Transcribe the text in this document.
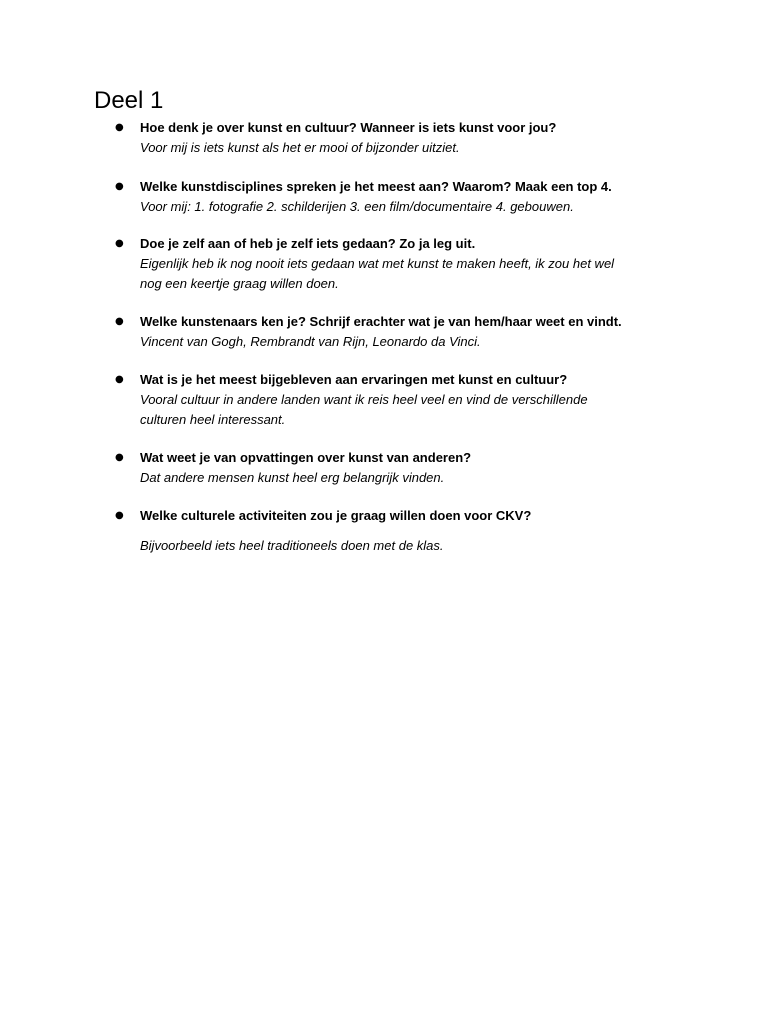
Deel 1
● Hoe denk je over kunst en cultuur? Wanneer is iets kunst voor jou?
Voor mij is iets kunst als het er mooi of bijzonder uitziet.
● Welke kunstdisciplines spreken je het meest aan? Waarom? Maak een top 4.
Voor mij: 1. fotografie 2. schilderijen 3. een film/documentaire 4. gebouwen.
● Doe je zelf aan of heb je zelf iets gedaan? Zo ja leg uit.
Eigenlijk heb ik nog nooit iets gedaan wat met kunst te maken heeft, ik zou het wel
nog een keertje graag willen doen.
● Welke kunstenaars ken je? Schrijf erachter wat je van hem/haar weet en vindt.
Vincent van Gogh, Rembrandt van Rijn, Leonardo da Vinci.
● Wat is je het meest bijgebleven aan ervaringen met kunst en cultuur?
Vooral cultuur in andere landen want ik reis heel veel en vind de verschillende
culturen heel interessant.
● Wat weet je van opvattingen over kunst van anderen?
Dat andere mensen kunst heel erg belangrijk vinden.
● Welke culturele activiteiten zou je graag willen doen voor CKV?
Bijvoorbeeld iets heel traditioneels doen met de klas.
